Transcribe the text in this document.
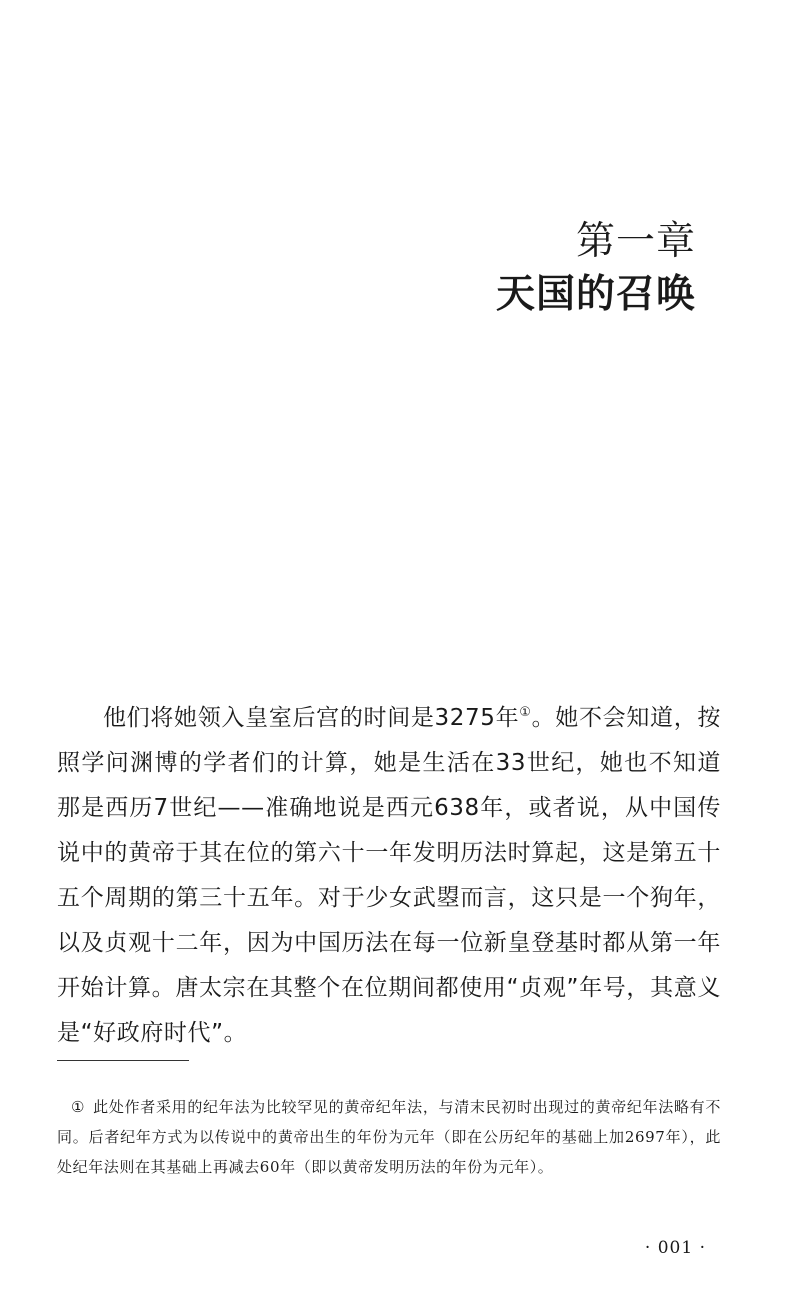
第一章
天国的召唤

他们将她领入皇室后宫的时间是3275年①。她不会知道，按照学问渊博的学者们的计算，她是生活在33世纪，她也不知道那是西历7世纪——准确地说是西元638年，或者说，从中国传说中的黄帝于其在位的第六十一年发明历法时算起，这是第五十五个周期的第三十五年。对于少女武曌而言，这只是一个狗年，以及贞观十二年，因为中国历法在每一位新皇登基时都从第一年开始计算。唐太宗在其整个在位期间都使用“贞观”年号，其意义是“好政府时代”。

① 此处作者采用的纪年法为比较罕见的黄帝纪年法，与清末民初时出现过的黄帝纪年法略有不同。后者纪年方式为以传说中的黄帝出生的年份为元年（即在公历纪年的基础上加2697年），此处纪年法则在其基础上再减去60年（即以黄帝发明历法的年份为元年）。

· 001 ·
